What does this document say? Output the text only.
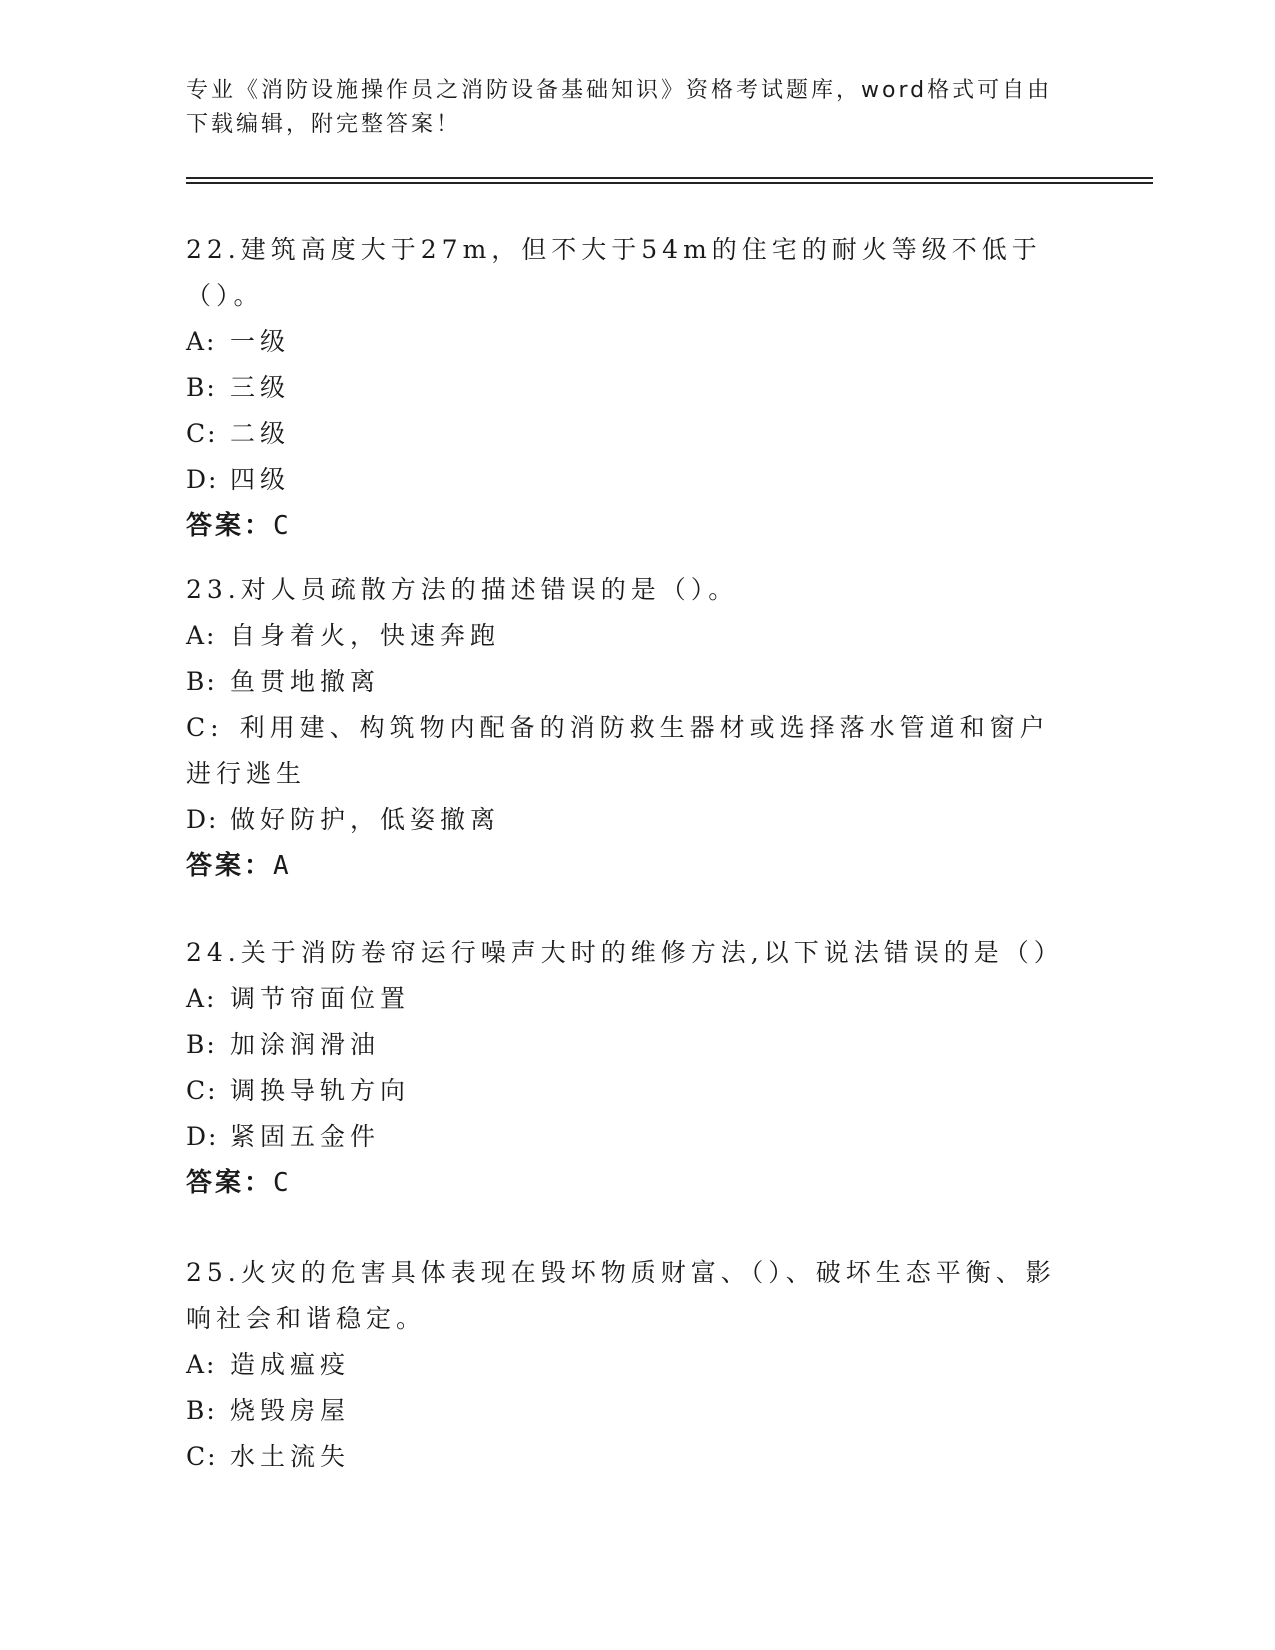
专业《消防设施操作员之消防设备基础知识》资格考试题库，word格式可自由下载编辑，附完整答案！

22.建筑高度大于27m，但不大于54m的住宅的耐火等级不低于（）。

A: 一级
B: 三级
C: 二级
D: 四级
答案：C

23.对人员疏散方法的描述错误的是（）。

A: 自身着火，快速奔跑
B: 鱼贯地撤离
C: 利用建、构筑物内配备的消防救生器材或选择落水管道和窗户进行逃生
D: 做好防护，低姿撤离
答案：A

24.关于消防卷帘运行噪声大时的维修方法,以下说法错误的是（）

A: 调节帘面位置
B: 加涂润滑油
C: 调换导轨方向
D: 紧固五金件
答案：C

25.火灾的危害具体表现在毁坏物质财富、（）、破坏生态平衡、影响社会和谐稳定。

A: 造成瘟疫
B: 烧毁房屋
C: 水土流失
